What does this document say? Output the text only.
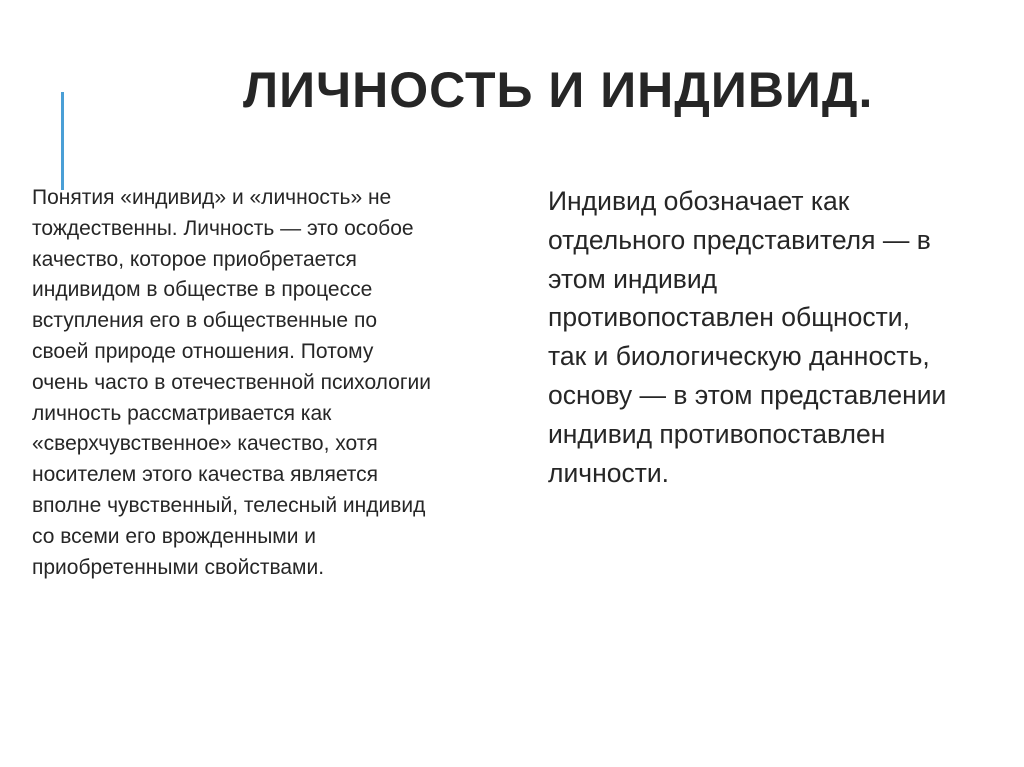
ЛИЧНОСТЬ И ИНДИВИД.
Понятия «индивид» и «личность» не
тождественны. Личность — это особое
качество, которое приобретается
индивидом в обществе в процессе
вступления его в общественные по
своей природе отношения. Потому
очень часто в отечественной психологии
личность рассматривается как
«сверхчувственное» качество, хотя
носителем этого качества является
вполне чувственный, телесный индивид
со всеми его врожденными и
приобретенными свойствами.
Индивид обозначает как
отдельного представителя — в
этом индивид
противопоставлен общности,
так и биологическую данность,
основу — в этом представлении
индивид противопоставлен
личности.
